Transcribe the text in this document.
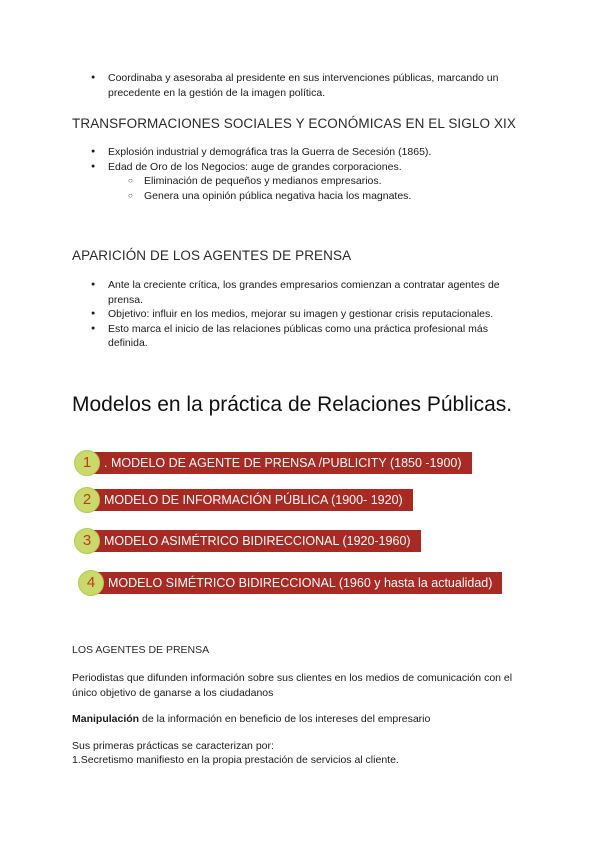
● Coordinaba y asesoraba al presidente en sus intervenciones públicas, marcando un precedente en la gestión de la imagen política.
TRANSFORMACIONES SOCIALES Y ECONÓMICAS EN EL SIGLO XIX
● Explosión industrial y demográfica tras la Guerra de Secesión (1865).
● Edad de Oro de los Negocios: auge de grandes corporaciones.
○ Eliminación de pequeños y medianos empresarios.
○ Genera una opinión pública negativa hacia los magnates.
APARICIÓN DE LOS AGENTES DE PRENSA
● Ante la creciente crítica, los grandes empresarios comienzan a contratar agentes de prensa.
● Objetivo: influir en los medios, mejorar su imagen y gestionar crisis reputacionales.
● Esto marca el inicio de las relaciones públicas como una práctica profesional más definida.
Modelos en la práctica de Relaciones Públicas.
. MODELO DE AGENTE DE PRENSA /PUBLICITY (1850 -1900)
1
MODELO DE INFORMACIÓN PÚBLICA (1900- 1920)
2
MODELO ASIMÉTRICO BIDIRECCIONAL (1920-1960)
3
MODELO SIMÉTRICO BIDIRECCIONAL (1960 y hasta la actualidad)
4
LOS AGENTES DE PRENSA

Periodistas que difunden información sobre sus clientes en los medios de comunicación con el único objetivo de ganarse a los ciudadanos

Manipulación de la información en beneficio de los intereses del empresario

Sus primeras prácticas se caracterizan por:

1.Secretismo manifiesto en la propia prestación de servicios al cliente.
